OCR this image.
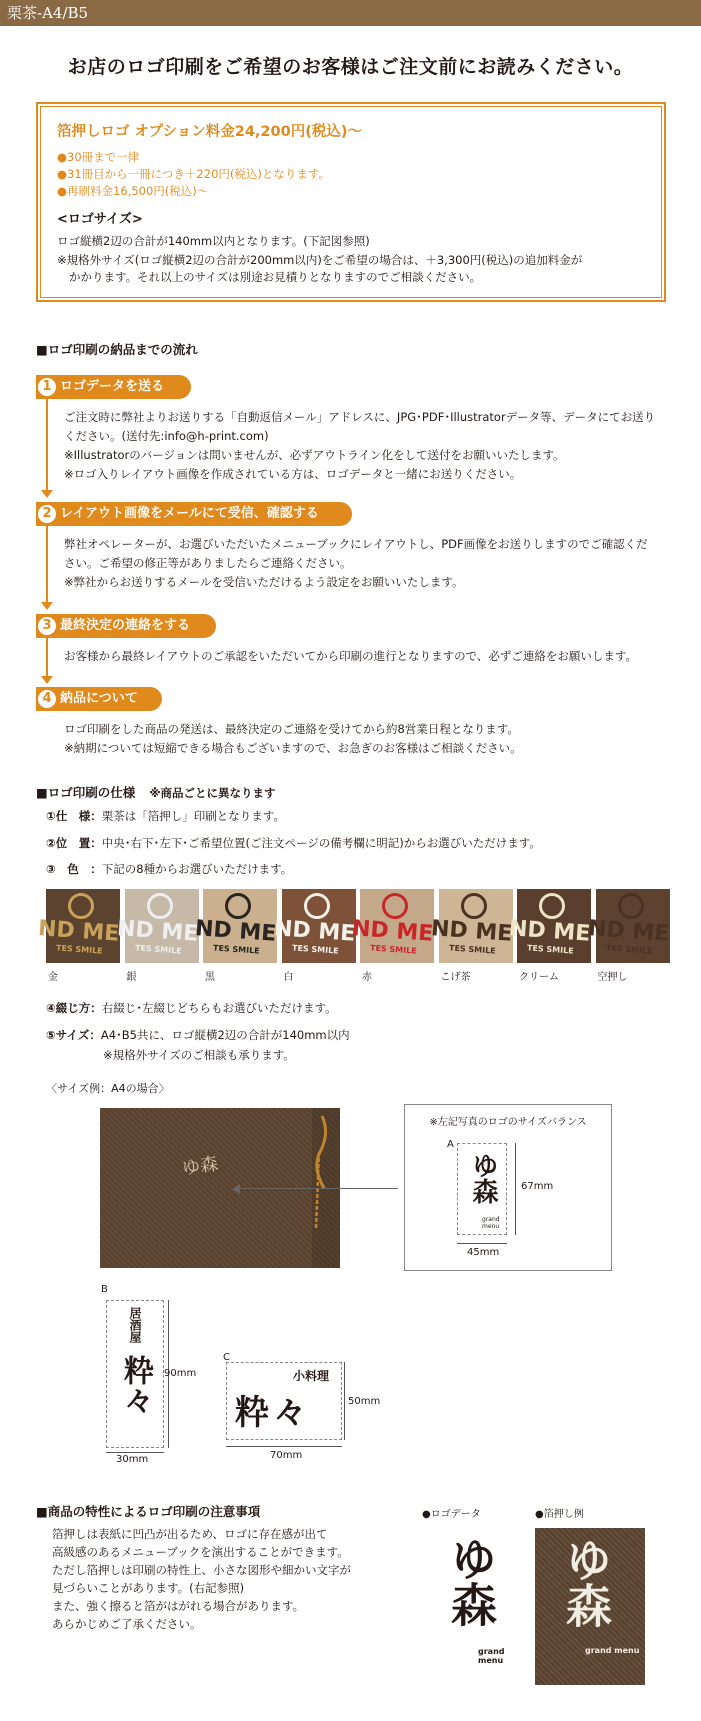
栗茶-A4/B5
お店のロゴ印刷をご希望のお客様はご注文前にお読みください。
箔押しロゴ オプション料金24,200円(税込)〜
●30冊まで一律
●31冊目から一冊につき＋220円(税込)となります。
●再刷料金16,500円(税込)〜
<ロゴサイズ>
ロゴ縦横2辺の合計が140mm以内となります。(下記図参照)
※規格外サイズ(ロゴ縦横2辺の合計が200mm以内)をご希望の場合は、＋3,300円(税込)の追加料金が
かかります。それ以上のサイズは別途お見積りとなりますのでご相談ください。
■ロゴ印刷の納品までの流れ
ロゴデータを送る
1
ご注文時に弊社よりお送りする「自動返信メール」アドレスに、JPG･PDF･Illustratorデータ等、データにてお送り
ください。(送付先:info@h-print.com)
※Illustratorのバージョンは問いませんが、必ずアウトライン化をして送付をお願いいたします。
※ロゴ入りレイアウト画像を作成されている方は、ロゴデータと一緒にお送りください。
レイアウト画像をメールにて受信、確認する
2
弊社オペレーターが、お選びいただいたメニューブックにレイアウトし、PDF画像をお送りしますのでご確認くだ
さい。ご希望の修正等がありましたらご連絡ください。
※弊社からお送りするメールを受信いただけるよう設定をお願いいたします。
最終決定の連絡をする
3
お客様から最終レイアウトのご承認をいただいてから印刷の進行となりますので、必ずご連絡をお願いします。
納品について
4
ロゴ印刷をした商品の発送は、最終決定のご連絡を受けてから約8営業日程となります。
※納期については短縮できる場合もございますので、お急ぎのお客様はご相談ください。
■ロゴ印刷の仕様 ※商品ごとに異なります
①仕　様：栗茶は「箔押し」印刷となります。
②位　置：中央･右下･左下･ご希望位置(ご注文ページの備考欄に明記)からお選びいただけます。
③　色　：下記の8種からお選びいただけます。
ND ME
TES SMILE
金
ND ME
TES SMILE
銀
ND ME
TES SMILE
黒
ND ME
TES SMILE
白
ND ME
TES SMILE
赤
ND ME
TES SMILE
こげ茶
ND ME
TES SMILE
クリーム
ND ME
TES SMILE
空押し
④綴じ方：右綴じ･左綴じどちらもお選びいただけます。
⑤サイズ：A4･B5共に、ロゴ縦横2辺の合計が140mm以内
※規格外サイズのご相談も承ります。
〈サイズ例：A4の場合〉
ゆ森
※左記写真のロゴのサイズバランス
A
ゆ森
grand menu
67mm
45mm
B
居酒屋
粋々	90mm
30mm
C
小料理
粋々	50mm
70mm
■商品の特性によるロゴ印刷の注意事項
箔押しは表紙に凹凸が出るため、ロゴに存在感が出て
高級感のあるメニューブックを演出することができます。
ただし箔押しは印刷の特性上、小さな図形や細かい文字が
見づらいことがあります。(右記参照)
また、強く擦ると箔がはがれる場合があります。
あらかじめご了承ください。
●ロゴデータ	●箔押し例
ゆ森
grand menu
ゆ森
grand menu
